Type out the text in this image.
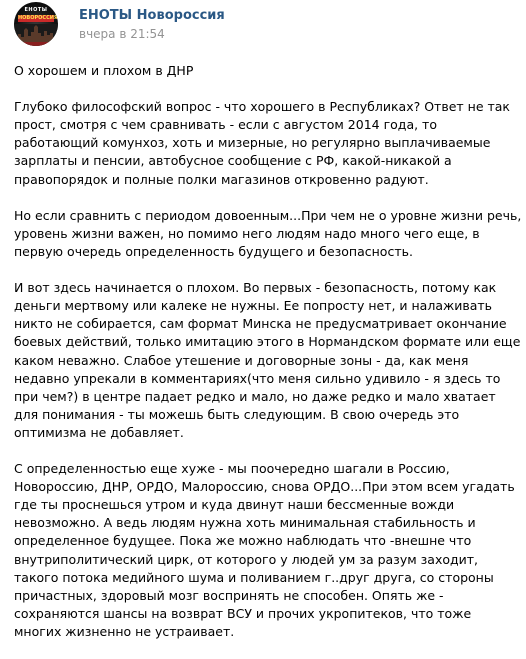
ЕНОТЫ
НОВОРОССИЯ ЕНОТЫ Новороссия
вчера в 21:54

О хорошем и плохом в ДНР

Глубоко философский вопрос - что хорошего в Республиках? Ответ не так прост, смотря с чем сравнивать - если с августом 2014 года, то работающий комунхоз, хоть и мизерные, но регулярно выплачиваемые зарплаты и пенсии, автобусное сообщение с РФ, какой-никакой а правопорядок и полные полки магазинов откровенно радуют.

Но если сравнить с периодом довоенным...При чем не о уровне жизни речь, уровень жизни важен, но помимо него людям надо много чего еще, в первую очередь определенность будущего и безопасность.

И вот здесь начинается о плохом. Во первых - безопасность, потому как деньги мертвому или калеке не нужны. Ее попросту нет, и налаживать никто не собирается, сам формат Минска не предусматривает окончание боевых действий, только имитацию этого в Нормандском формате или еще каком неважно. Слабое утешение и договорные зоны - да, как меня недавно упрекали в комментариях(что меня сильно удивило - я здесь то при чем?) в центре падает редко и мало, но даже редко и мало хватает для понимания - ты можешь быть следующим. В свою очередь это оптимизма не добавляет.

С определенностью еще хуже - мы поочередно шагали в Россию, Новороссию, ДНР, ОРДО, Малороссию, снова ОРДО...При этом всем угадать где ты проснешься утром и куда двинут наши бессменные вожди невозможно. А ведь людям нужна хоть минимальная стабильность и определенное будущее. Пока же можно наблюдать что -внешне что внутриполитический цирк, от которого у людей ум за разум заходит, такого потока медийного шума и поливанием г..друг друга, со стороны причастных, здоровый мозг воспринять не способен. Опять же - сохраняются шансы на возврат ВСУ и прочих укропитеков, что тоже многих жизненно не устраивает.
